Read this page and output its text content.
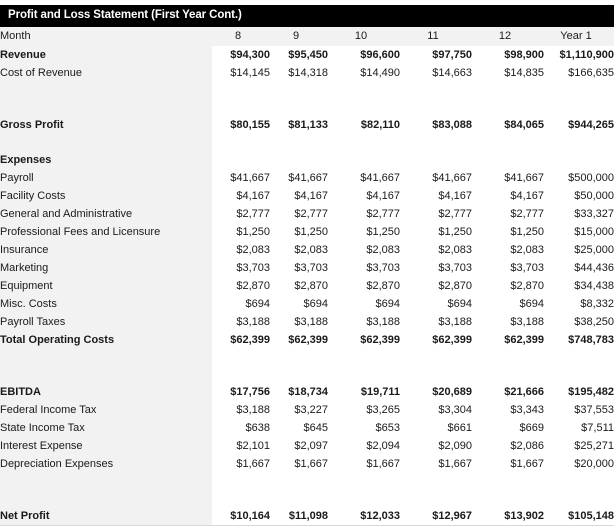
Profit and Loss Statement (First Year Cont.)
Month	8	9	10	11	12	Year 1
Revenue	$94,300	$95,450	$96,600	$97,750	$98,900	$1,110,900
Cost of Revenue	$14,145	$14,318	$14,490	$14,663	$14,835	$166,635

Gross Profit	$80,155	$81,133	$82,110	$83,088	$84,065	$944,265

Expenses						
Payroll	$41,667	$41,667	$41,667	$41,667	$41,667	$500,000
Facility Costs	$4,167	$4,167	$4,167	$4,167	$4,167	$50,000
General and Administrative	$2,777	$2,777	$2,777	$2,777	$2,777	$33,327
Professional Fees and Licensure	$1,250	$1,250	$1,250	$1,250	$1,250	$15,000
Insurance	$2,083	$2,083	$2,083	$2,083	$2,083	$25,000
Marketing	$3,703	$3,703	$3,703	$3,703	$3,703	$44,436
Equipment	$2,870	$2,870	$2,870	$2,870	$2,870	$34,438
Misc. Costs	$694	$694	$694	$694	$694	$8,332
Payroll Taxes	$3,188	$3,188	$3,188	$3,188	$3,188	$38,250
Total Operating Costs	$62,399	$62,399	$62,399	$62,399	$62,399	$748,783

EBITDA	$17,756	$18,734	$19,711	$20,689	$21,666	$195,482
Federal Income Tax	$3,188	$3,227	$3,265	$3,304	$3,343	$37,553
State Income Tax	$638	$645	$653	$661	$669	$7,511
Interest Expense	$2,101	$2,097	$2,094	$2,090	$2,086	$25,271
Depreciation Expenses	$1,667	$1,667	$1,667	$1,667	$1,667	$20,000

Net Profit	$10,164	$11,098	$12,033	$12,967	$13,902	$105,148
